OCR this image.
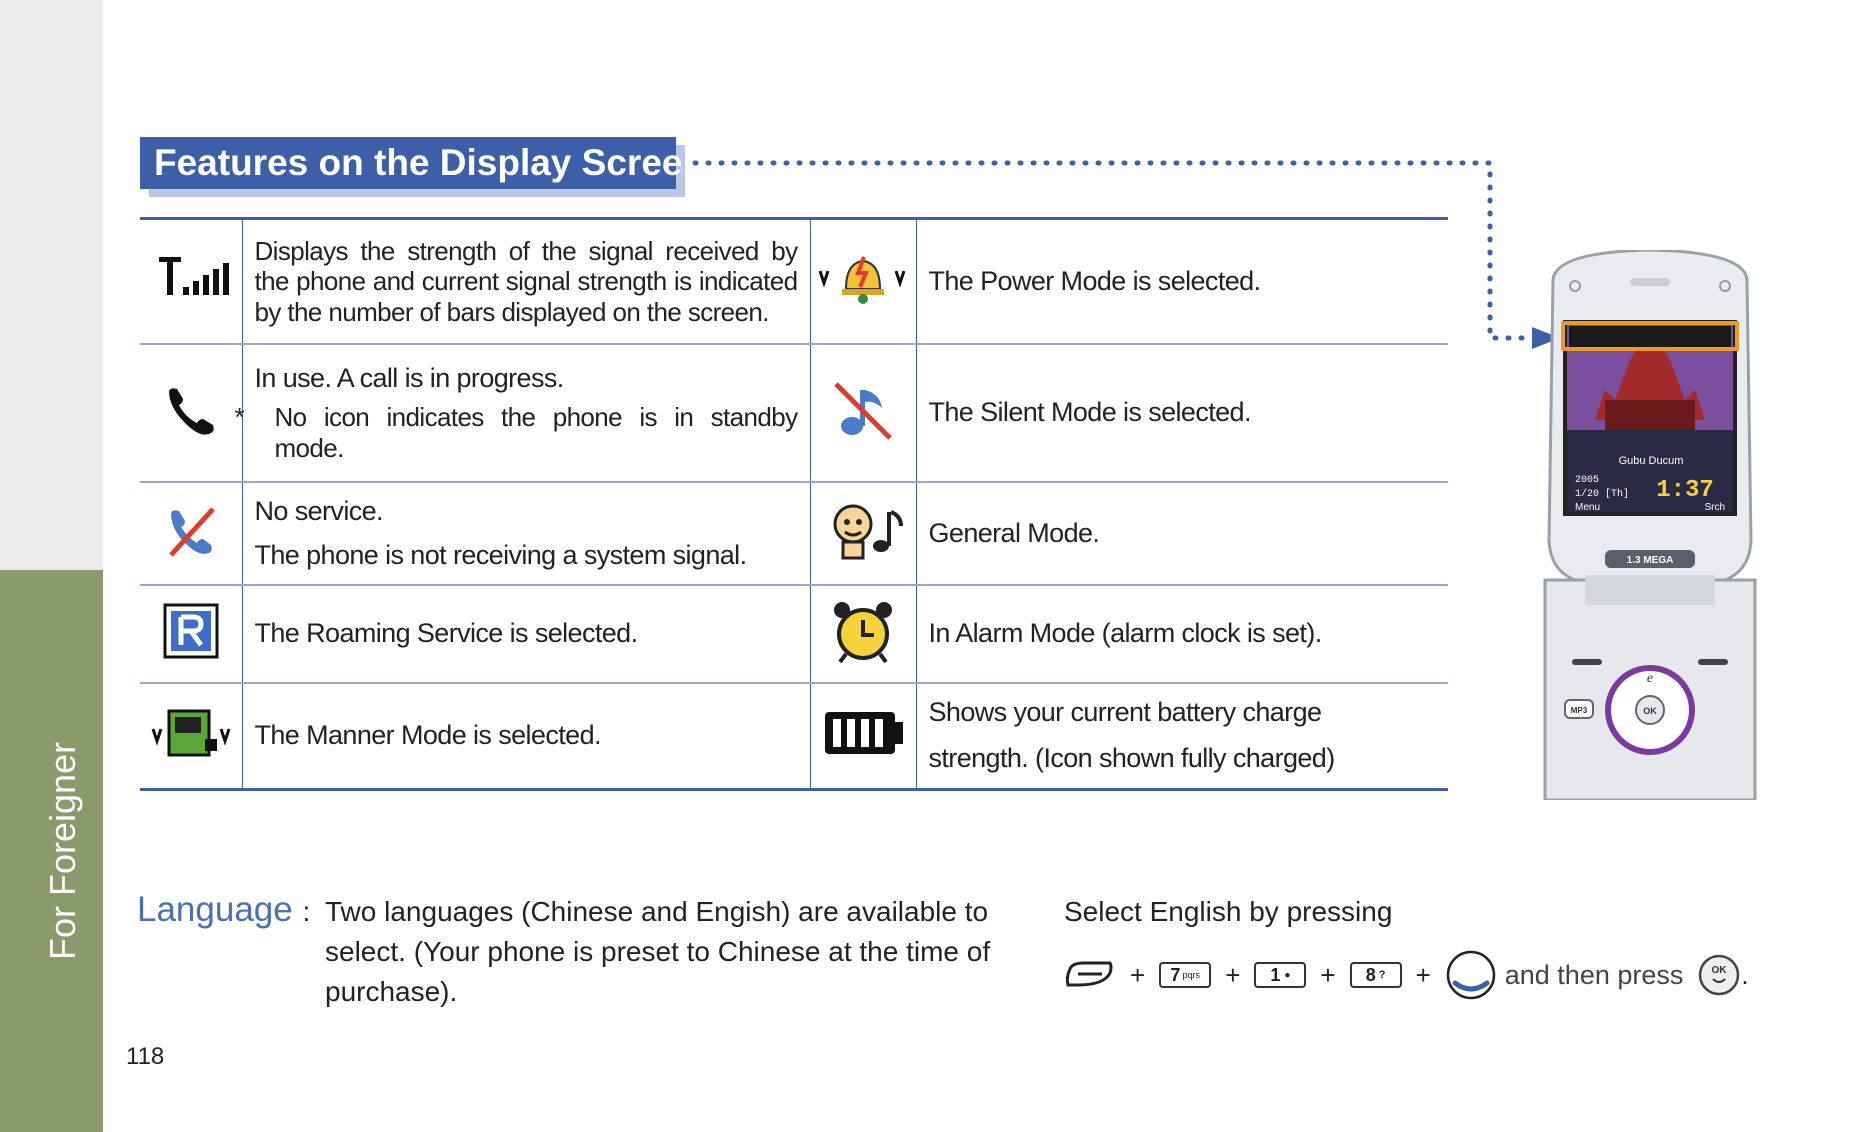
For Foreigner
118
Features on the Display Screen
	Displays the strength of the signal received by the phone and current signal strength is indicated by the number of bars displayed on the screen.		The Power Mode is selected.

In use. A call is in progress.
* No icon indicates the phone is in standby mode.		The Silent Mode is selected.

No service.
The phone is not receiving a system signal.		General Mode.
	The Roaming Service is selected.		In Alarm Mode (alarm clock is set).
	The Manner Mode is selected.		Shows your current battery charge
strength. (Icon shown fully charged)
Gubu Ducum
2005
1/20 [Th] 1:37
Menu	Srch
1.3 MEGA
OK
e
MP3
Language : Two languages (Chinese and Engish) are available to select. (Your phone is preset to Chinese at the time of purchase).
Select English by pressing
+ 7 pqrs + 1 ● + 8 ? +	and then press	OK .
